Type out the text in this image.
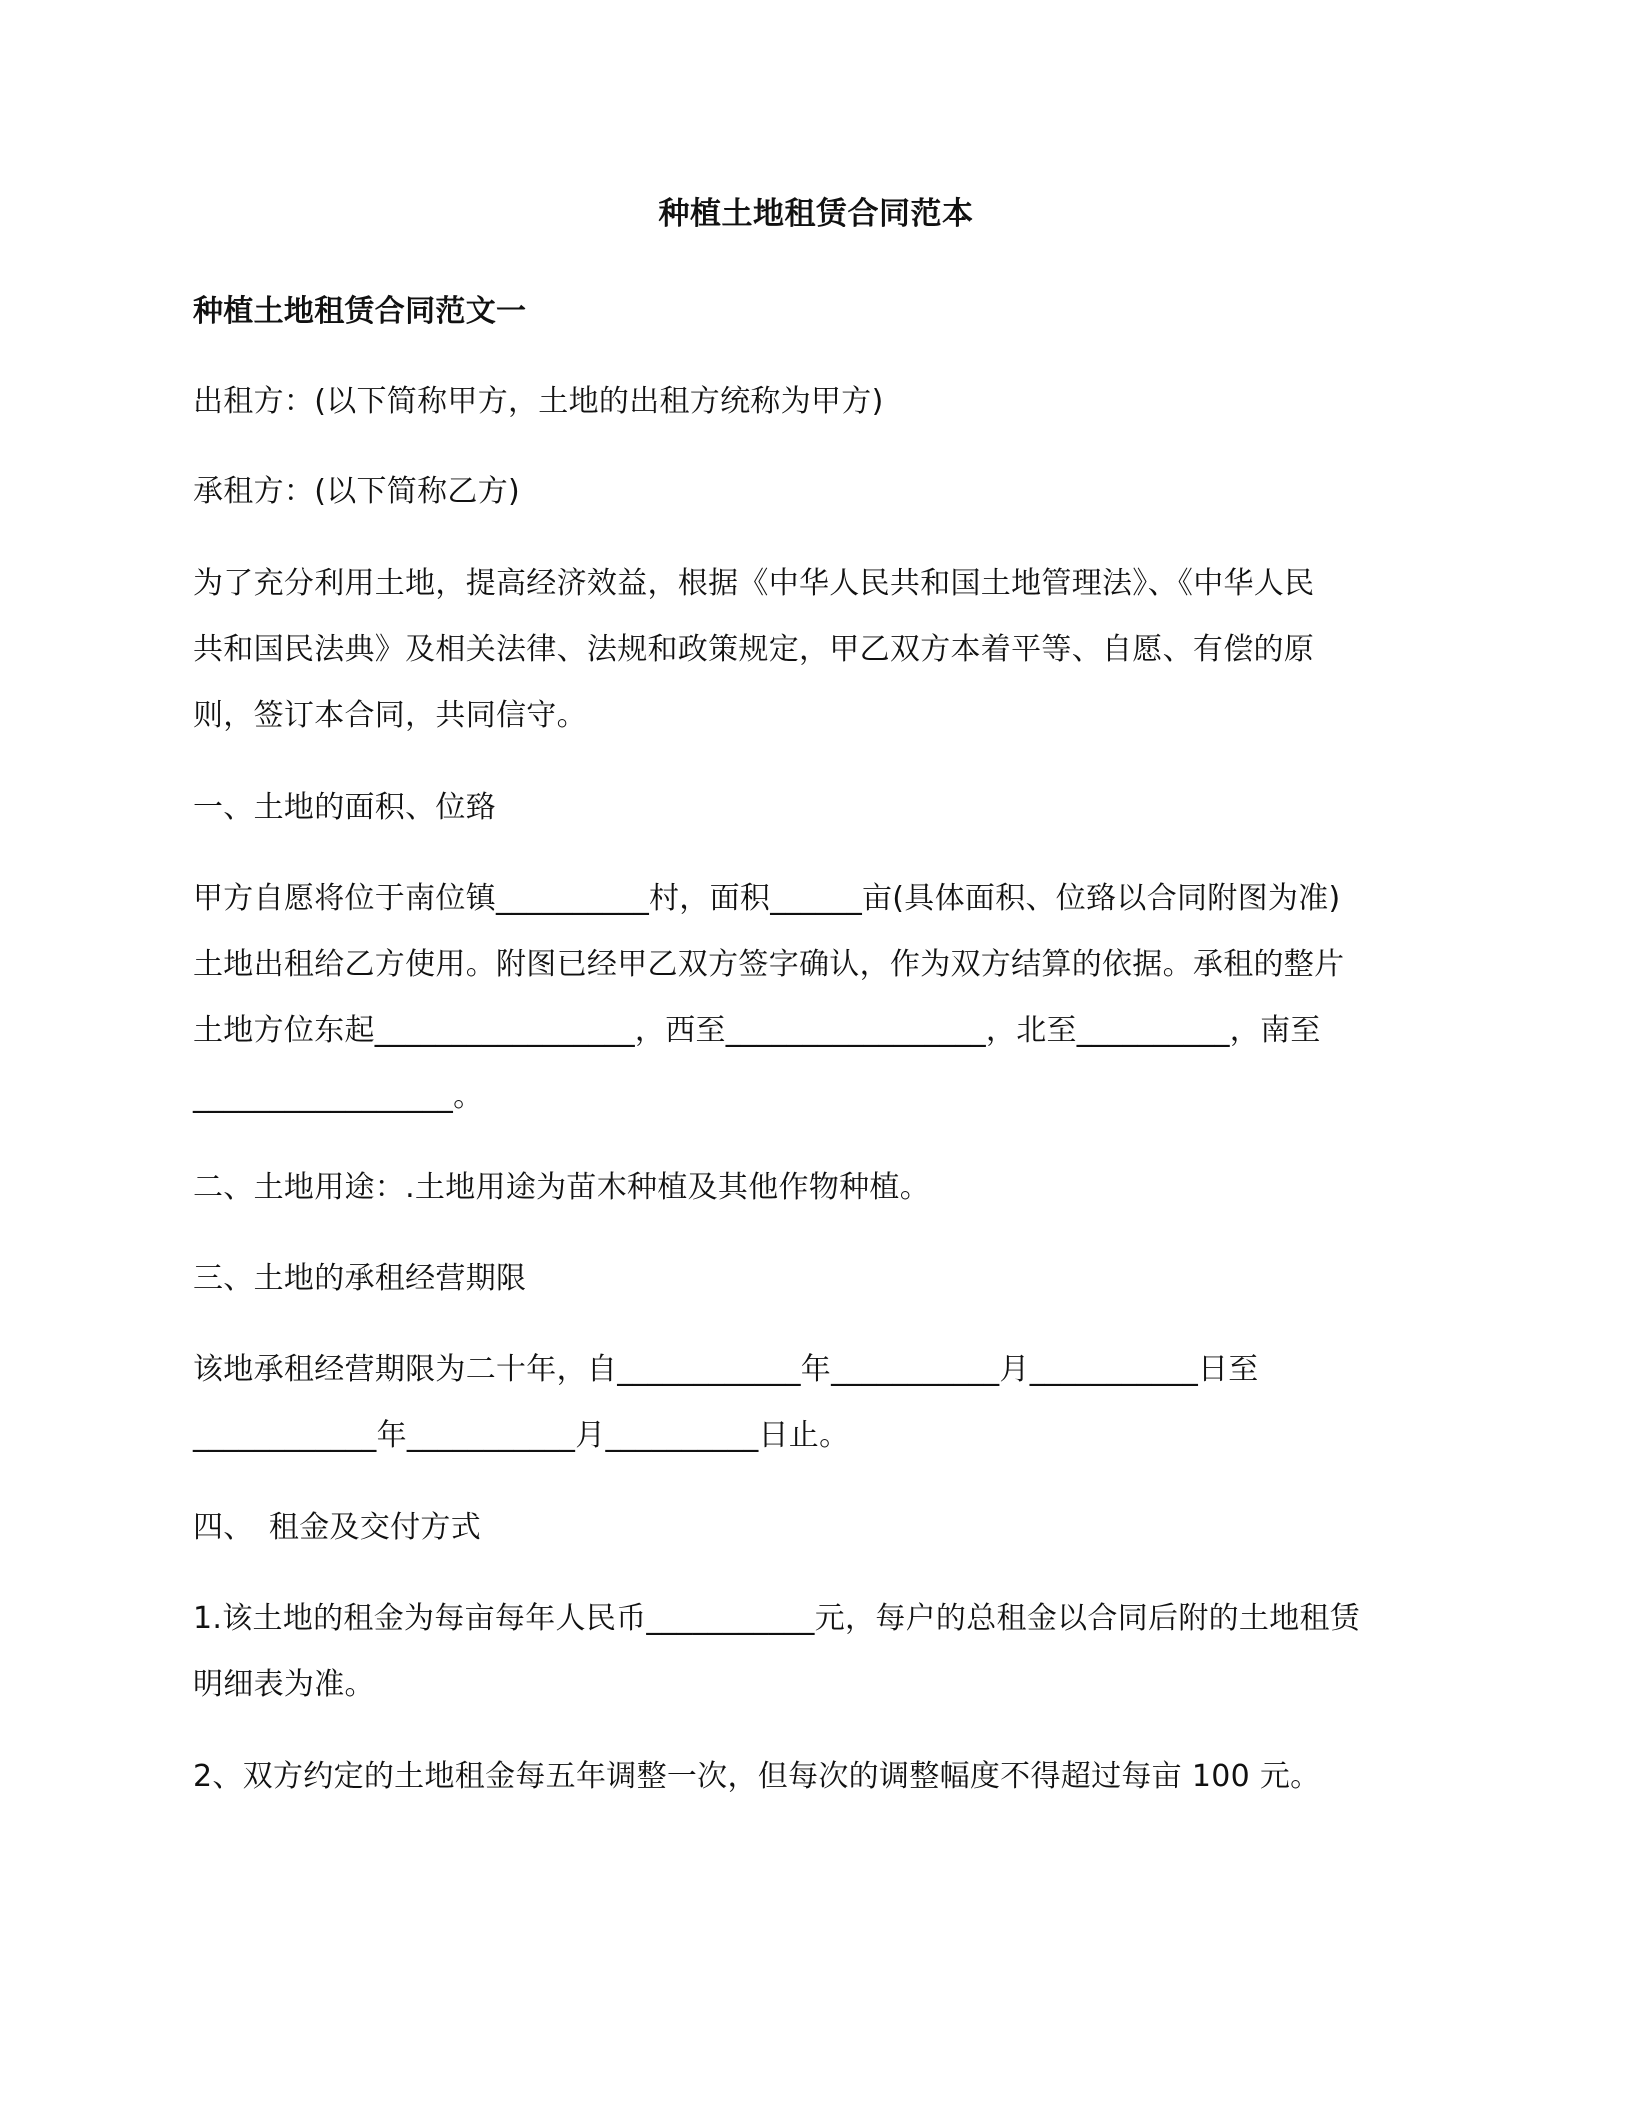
种植土地租赁合同范本
种植土地租赁合同范文一
出租方：(以下简称甲方，土地的出租方统称为甲方)
承租方：(以下简称乙方)
为了充分利用土地，提高经济效益，根据《中华人民共和国土地管理法》、《中华人民
共和国民法典》及相关法律、法规和政策规定，甲乙双方本着平等、自愿、有偿的原
则，签订本合同，共同信守。
一、土地的面积、位臵
甲方自愿将位于南位镇__________村，面积______亩(具体面积、位臵以合同附图为准)
土地出租给乙方使用。附图已经甲乙双方签字确认，作为双方结算的依据。承租的整片
土地方位东起_________________，西至_________________，北至__________，南至
_________________。
二、土地用途：.土地用途为苗木种植及其他作物种植。
三、土地的承租经营期限
该地承租经营期限为二十年，自____________年___________月___________日至
____________年___________月__________日止。
四、　租金及交付方式
1.该土地的租金为每亩每年人民币___________元，每户的总租金以合同后附的土地租赁
明细表为准。
2、双方约定的土地租金每五年调整一次，但每次的调整幅度不得超过每亩 100 元。
